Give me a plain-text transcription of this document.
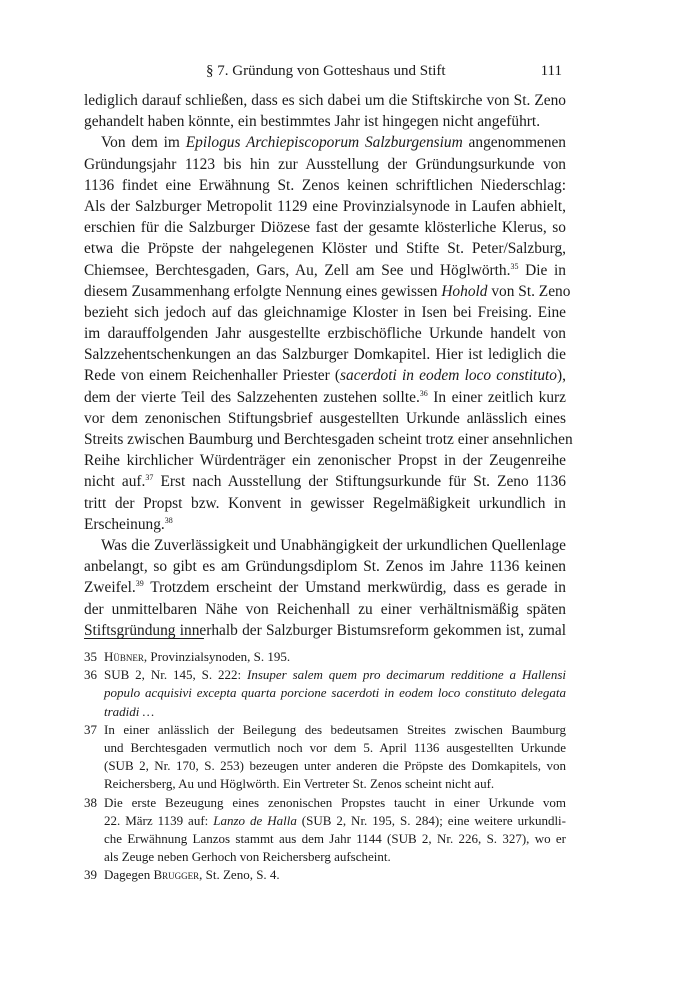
§ 7. Gründung von Gotteshaus und Stift	111
lediglich darauf schließen, dass es sich dabei um die Stiftskirche von St. Zeno
gehandelt haben könnte, ein bestimmtes Jahr ist hingegen nicht angeführt.
Von dem im Epilogus Archiepiscoporum Salzburgensium angenommenen
Gründungsjahr 1123 bis hin zur Ausstellung der Gründungsurkunde von
1136 findet eine Erwähnung St. Zenos keinen schriftlichen Niederschlag:
Als der Salzburger Metropolit 1129 eine Provinzialsynode in Laufen abhielt,
erschien für die Salzburger Diözese fast der gesamte klösterliche Klerus, so
etwa die Pröpste der nahgelegenen Klöster und Stifte St. Peter/Salzburg,
Chiemsee, Berchtesgaden, Gars, Au, Zell am See und Höglwörth.$^{35}$ Die in
diesem Zusammenhang erfolgte Nennung eines gewissen Hohold von St. Zeno
bezieht sich jedoch auf das gleichnamige Kloster in Isen bei Freising. Eine
im darauffolgenden Jahr ausgestellte erzbischöfliche Urkunde handelt von
Salzzehentschenkungen an das Salzburger Domkapitel. Hier ist lediglich die
Rede von einem Reichenhaller Priester (sacerdoti in eodem loco constituto),
dem der vierte Teil des Salzzehenten zustehen sollte.$^{36}$ In einer zeitlich kurz
vor dem zenonischen Stiftungsbrief ausgestellten Urkunde anlässlich eines
Streits zwischen Baumburg und Berchtesgaden scheint trotz einer ansehnlichen
Reihe kirchlicher Würdenträger ein zenonischer Propst in der Zeugenreihe
nicht auf.$^{37}$ Erst nach Ausstellung der Stiftungsurkunde für St. Zeno 1136
tritt der Propst bzw. Konvent in gewisser Regelmäßigkeit urkundlich in
Erscheinung.$^{38}$
Was die Zuverlässigkeit und Unabhängigkeit der urkundlichen Quellenlage
anbelangt, so gibt es am Gründungsdiplom St. Zenos im Jahre 1136 keinen
Zweifel.$^{39}$ Trotzdem erscheint der Umstand merkwürdig, dass es gerade in
der unmittelbaren Nähe von Reichenhall zu einer verhältnismäßig späten
Stiftsgründung innerhalb der Salzburger Bistumsreform gekommen ist, zumal
35 Hübner, Provinzialsynoden, S. 195.
36 SUB 2, Nr. 145, S. 222: Insuper salem quem pro decimarum redditione a Hallensi
populo acquisivi excepta quarta porcione sacerdoti in eodem loco constituto delegata
tradidi …
37 In einer anlässlich der Beilegung des bedeutsamen Streites zwischen Baumburg
und Berchtesgaden vermutlich noch vor dem 5. April 1136 ausgestellten Urkunde
(SUB 2, Nr. 170, S. 253) bezeugen unter anderen die Pröpste des Domkapitels, von
Reichersberg, Au und Höglwörth. Ein Vertreter St. Zenos scheint nicht auf.
38 Die erste Bezeugung eines zenonischen Propstes taucht in einer Urkunde vom
22. März 1139 auf: Lanzo de Halla (SUB 2, Nr. 195, S. 284); eine weitere urkundli-
che Erwähnung Lanzos stammt aus dem Jahr 1144 (SUB 2, Nr. 226, S. 327), wo er
als Zeuge neben Gerhoch von Reichersberg aufscheint.
39 Dagegen Brugger, St. Zeno, S. 4.
